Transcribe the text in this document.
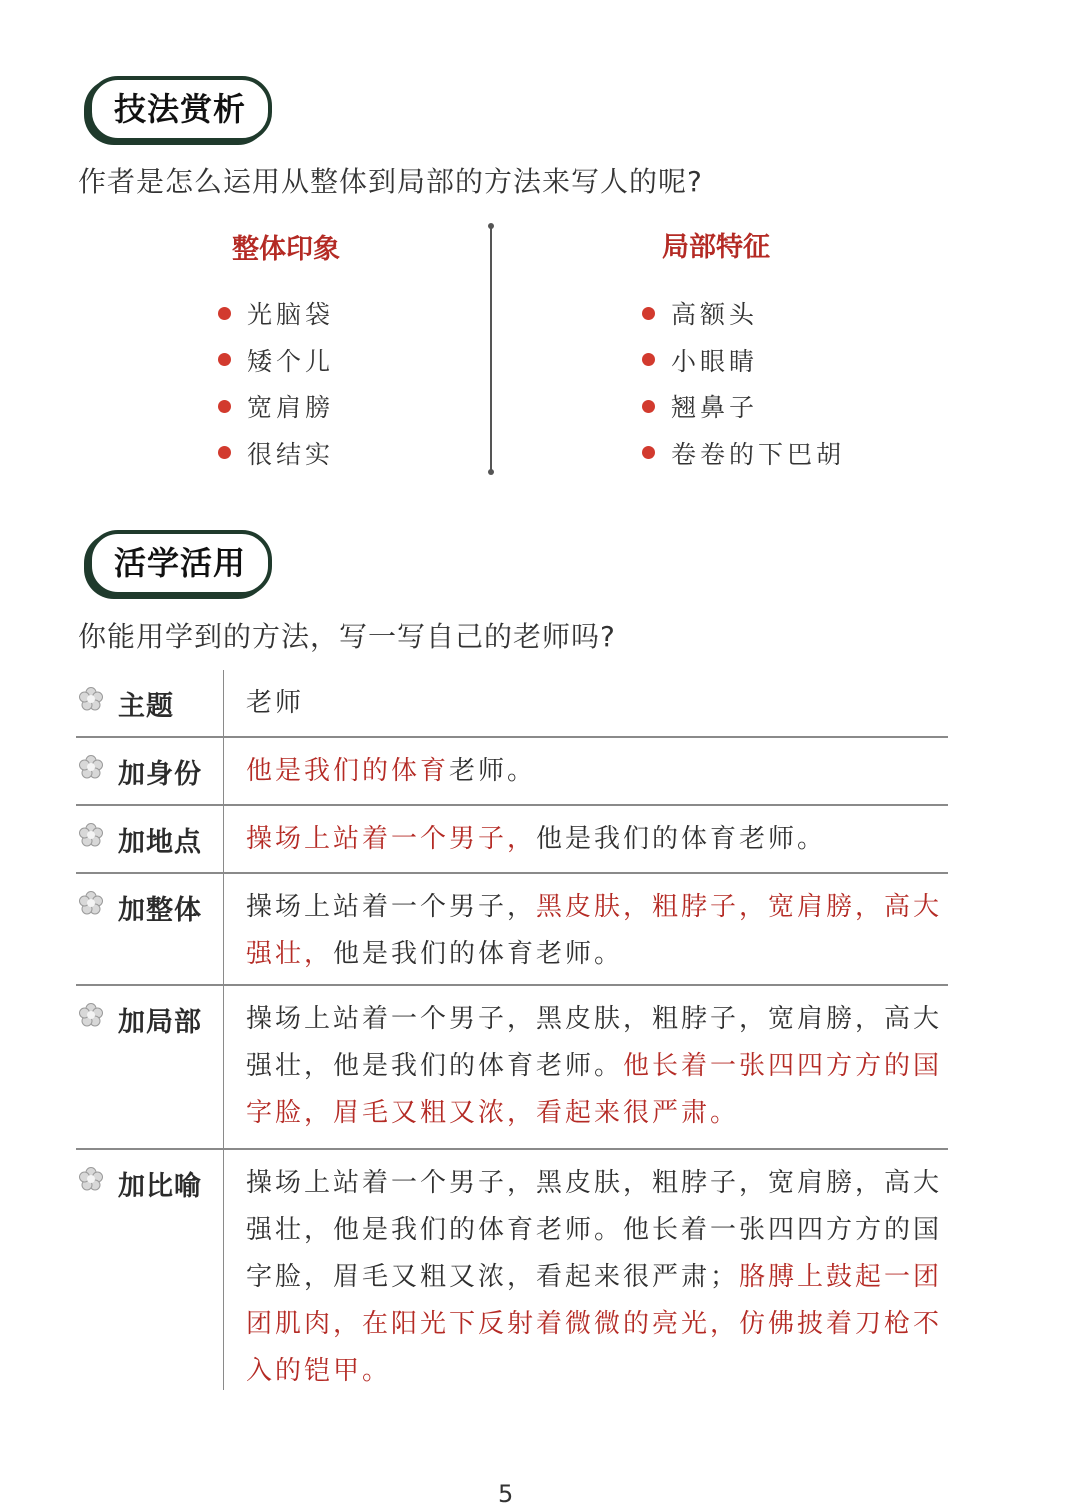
技法赏析
作者是怎么运用从整体到局部的方法来写人的呢?
整体印象
光脑袋
矮个儿
宽肩膀
很结实
局部特征
高额头
小眼睛
翘鼻子
卷卷的下巴胡
活学活用
你能用学到的方法，写一写自己的老师吗?
主题	老师
加身份	他是我们的体育老师。
加地点	操场上站着一个男子，他是我们的体育老师。
加整体	操场上站着一个男子，黑皮肤，粗脖子，宽肩膀，高大强壮，他是我们的体育老师。
加局部	操场上站着一个男子，黑皮肤，粗脖子，宽肩膀，高大强壮，他是我们的体育老师。他长着一张四四方方的国字脸，眉毛又粗又浓，看起来很严肃。
加比喻	操场上站着一个男子，黑皮肤，粗脖子，宽肩膀，高大强壮，他是我们的体育老师。他长着一张四四方方的国字脸，眉毛又粗又浓，看起来很严肃；胳膊上鼓起一团团肌肉，在阳光下反射着微微的亮光，仿佛披着刀枪不入的铠甲。
5
